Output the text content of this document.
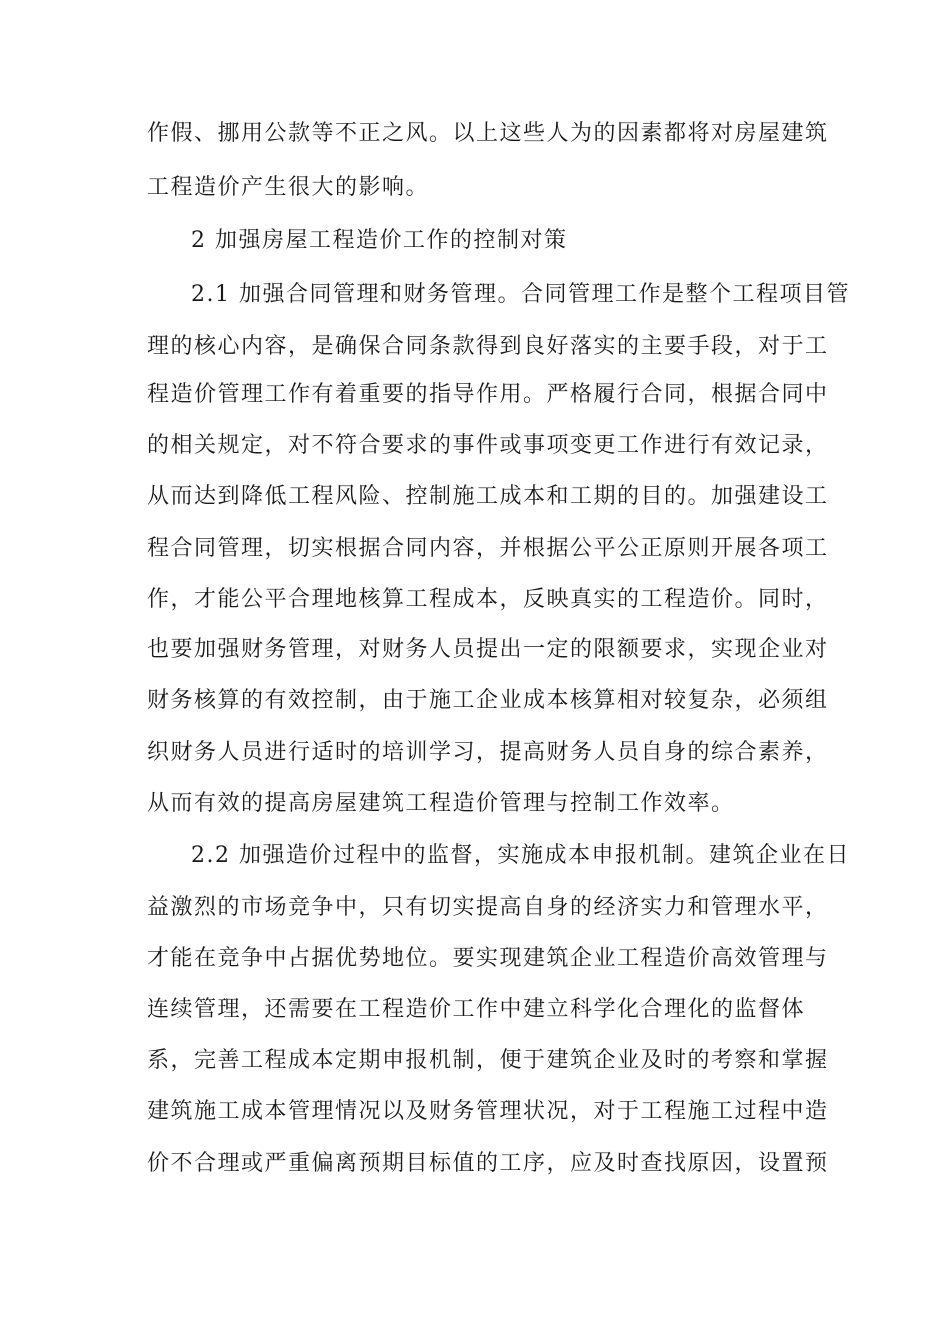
作假、挪用公款等不正之风。以上这些人为的因素都将对房屋建筑
工程造价产生很大的影响。
2 加强房屋工程造价工作的控制对策
2.1 加强合同管理和财务管理。合同管理工作是整个工程项目管
理的核心内容，是确保合同条款得到良好落实的主要手段，对于工
程造价管理工作有着重要的指导作用。严格履行合同，根据合同中
的相关规定，对不符合要求的事件或事项变更工作进行有效记录，
从而达到降低工程风险、控制施工成本和工期的目的。加强建设工
程合同管理，切实根据合同内容，并根据公平公正原则开展各项工
作，才能公平合理地核算工程成本，反映真实的工程造价。同时，
也要加强财务管理，对财务人员提出一定的限额要求，实现企业对
财务核算的有效控制，由于施工企业成本核算相对较复杂，必须组
织财务人员进行适时的培训学习，提高财务人员自身的综合素养，
从而有效的提高房屋建筑工程造价管理与控制工作效率。
2.2 加强造价过程中的监督，实施成本申报机制。建筑企业在日
益激烈的市场竞争中，只有切实提高自身的经济实力和管理水平，
才能在竞争中占据优势地位。要实现建筑企业工程造价高效管理与
连续管理，还需要在工程造价工作中建立科学化合理化的监督体
系，完善工程成本定期申报机制，便于建筑企业及时的考察和掌握
建筑施工成本管理情况以及财务管理状况，对于工程施工过程中造
价不合理或严重偏离预期目标值的工序，应及时查找原因，设置预
